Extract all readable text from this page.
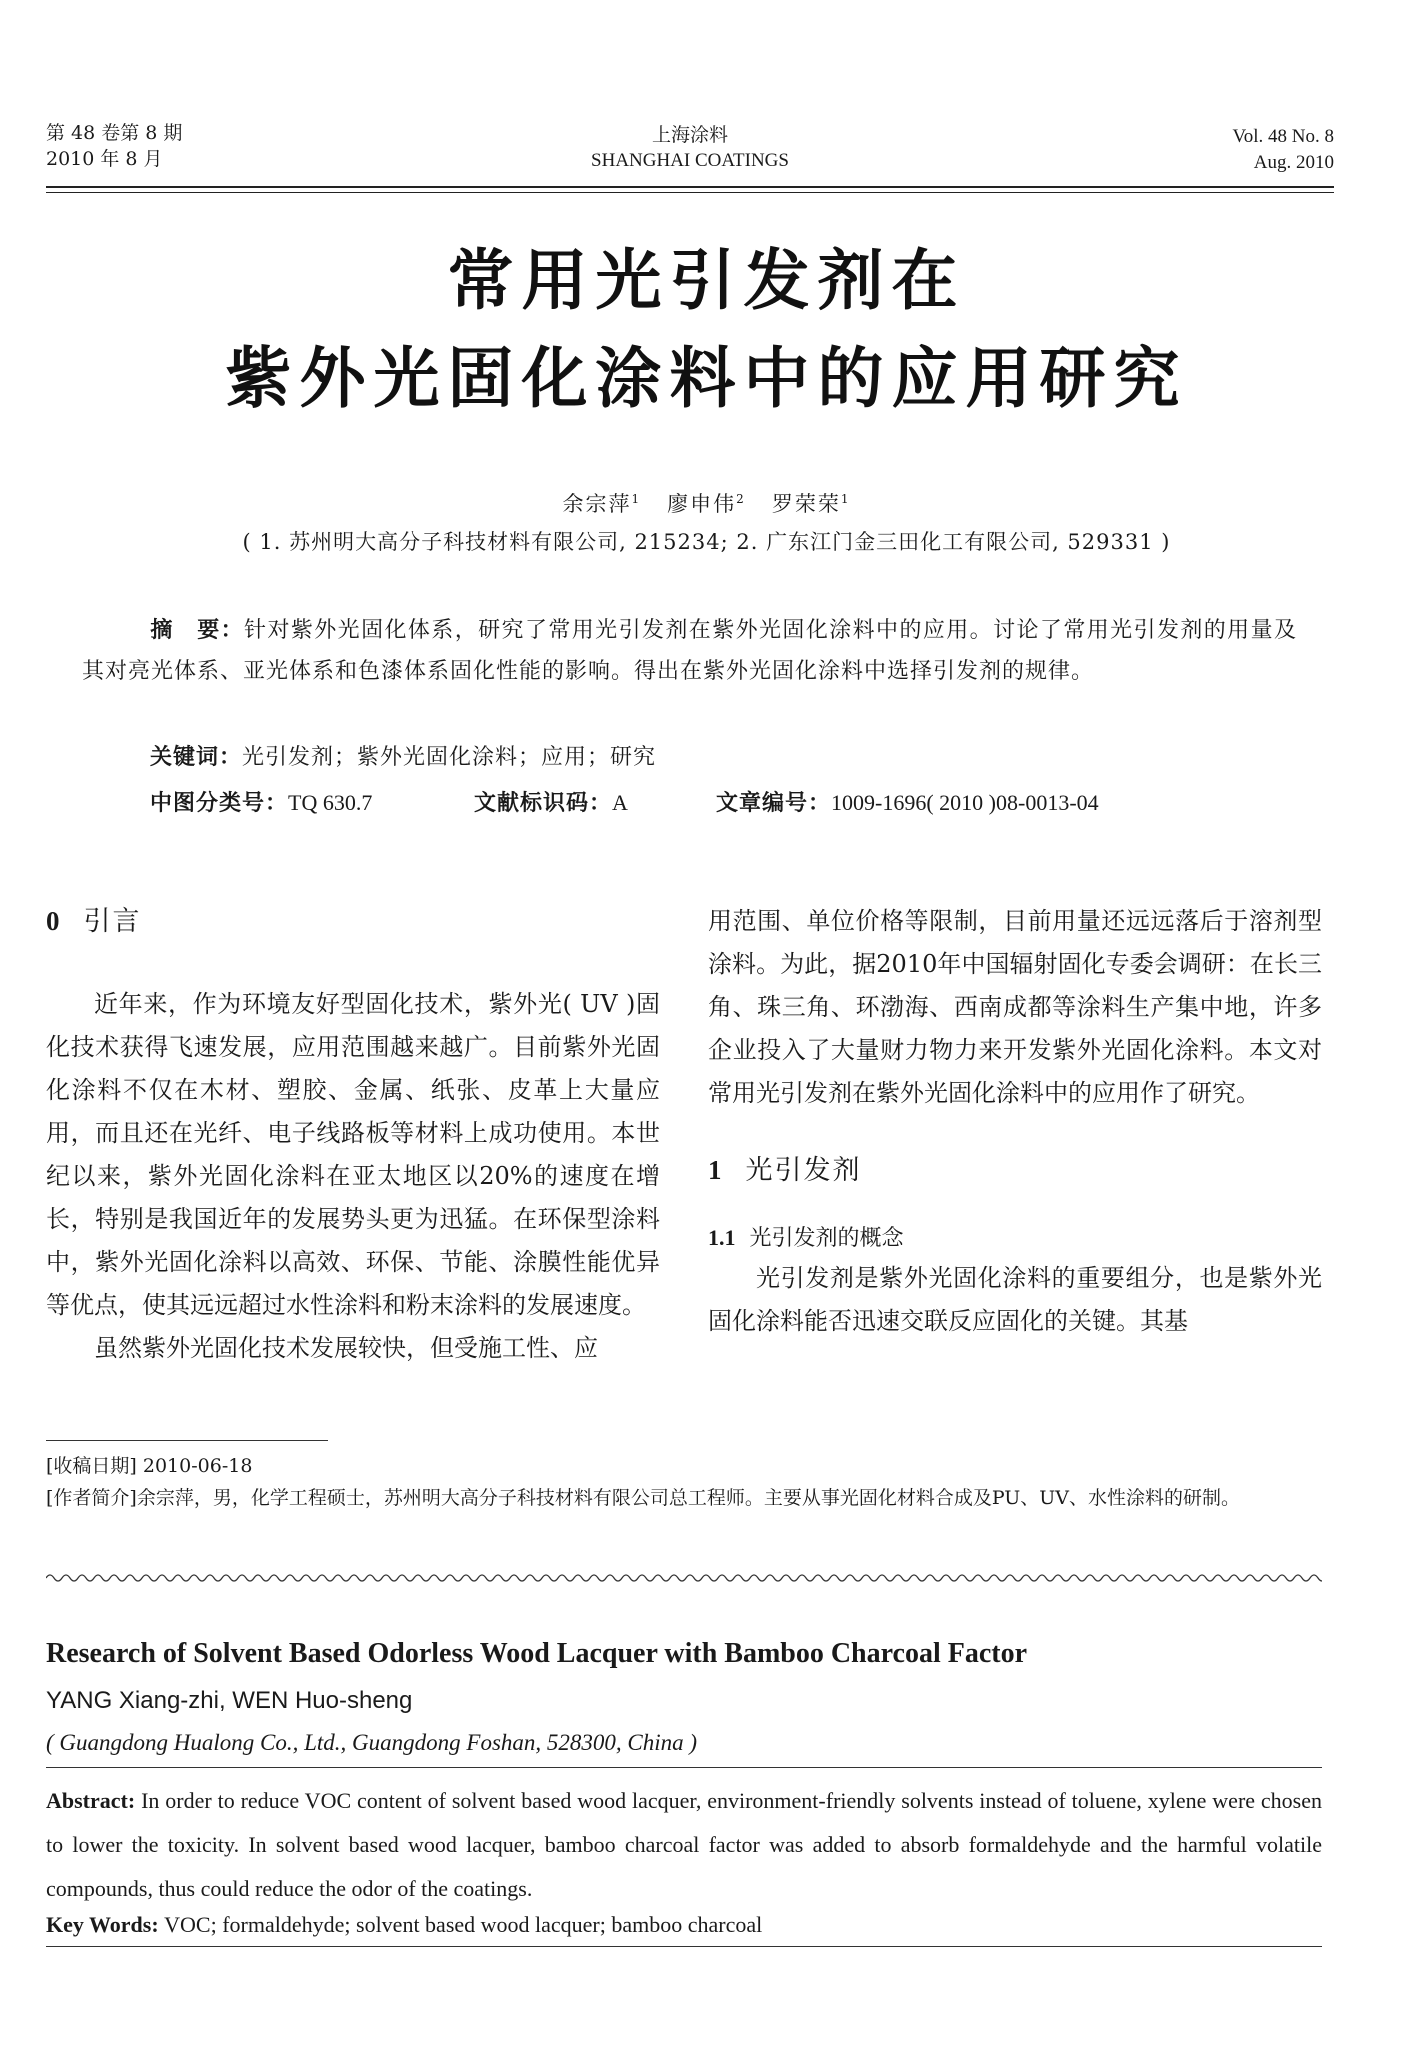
第 48 卷第 8 期
2010 年 8 月
上海涂料
SHANGHAI COATINGS
Vol. 48 No. 8
Aug. 2010
常用光引发剂在
紫外光固化涂料中的应用研究
余宗萍$^1$ 廖申伟$^2$ 罗荣荣$^1$
( 1. 苏州明大高分子科技材料有限公司, 215234; 2. 广东江门金三田化工有限公司, 529331 )
摘　要：针对紫外光固化体系，研究了常用光引发剂在紫外光固化涂料中的应用。讨论了常用光引发剂的用量及其对亮光体系、亚光体系和色漆体系固化性能的影响。得出在紫外光固化涂料中选择引发剂的规律。
关键词：光引发剂；紫外光固化涂料；应用；研究
中图分类号：TQ 630.7	文献标识码：A	文章编号：1009-1696( 2010 )08-0013-04
0 引言

近年来，作为环境友好型固化技术，紫外光( UV )固化技术获得飞速发展，应用范围越来越广。目前紫外光固化涂料不仅在木材、塑胶、金属、纸张、皮革上大量应用，而且还在光纤、电子线路板等材料上成功使用。本世纪以来，紫外光固化涂料在亚太地区以20%的速度在增长，特别是我国近年的发展势头更为迅猛。在环保型涂料中，紫外光固化涂料以高效、环保、节能、涂膜性能优异等优点，使其远远超过水性涂料和粉末涂料的发展速度。

虽然紫外光固化技术发展较快，但受施工性、应

用范围、单位价格等限制，目前用量还远远落后于溶剂型涂料。为此，据2010年中国辐射固化专委会调研：在长三角、珠三角、环渤海、西南成都等涂料生产集中地，许多企业投入了大量财力物力来开发紫外光固化涂料。本文对常用光引发剂在紫外光固化涂料中的应用作了研究。

1 光引发剂
1.1 光引发剂的概念

光引发剂是紫外光固化涂料的重要组分，也是紫外光固化涂料能否迅速交联反应固化的关键。其基

[收稿日期] 2010-06-18
[作者简介]余宗萍，男，化学工程硕士，苏州明大高分子科技材料有限公司总工程师。主要从事光固化材料合成及PU、UV、水性涂料的研制。
Research of Solvent Based Odorless Wood Lacquer with Bamboo Charcoal Factor
YANG Xiang-zhi, WEN Huo-sheng
( Guangdong Hualong Co., Ltd., Guangdong Foshan, 528300, China )
Abstract: In order to reduce VOC content of solvent based wood lacquer, environment-friendly solvents instead of toluene, xylene were chosen to lower the toxicity. In solvent based wood lacquer, bamboo charcoal factor was added to absorb formaldehyde and the harmful volatile compounds, thus could reduce the odor of the coatings.
Key Words: VOC; formaldehyde; solvent based wood lacquer; bamboo charcoal
